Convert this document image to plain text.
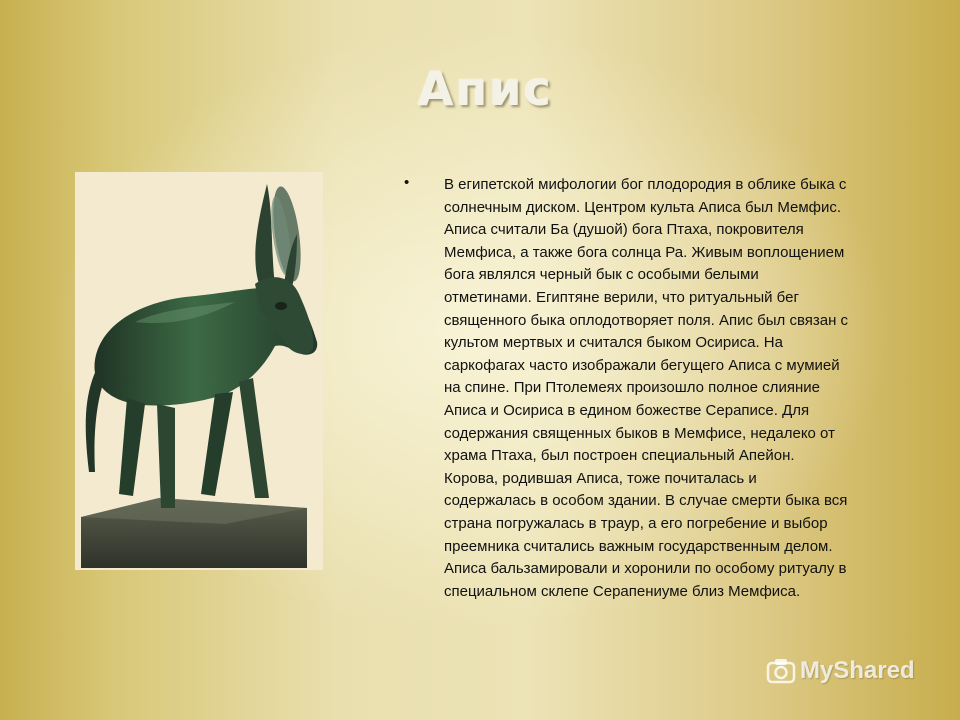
Апис
• В египетской мифологии бог плодородия в облике быка с
солнечным диском. Центром культа Аписа был Мемфис.
Аписа считали Ба (душой) бога Птаха, покровителя
Мемфиса, а также бога солнца Ра. Живым воплощением
бога являлся черный бык с особыми белыми
отметинами. Египтяне верили, что ритуальный бег
священного быка оплодотворяет поля. Апис был связан с
культом мертвых и считался быком Осириса. На
саркофагах часто изображали бегущего Аписа с мумией
на спине. При Птолемеях произошло полное слияние
Аписа и Осириса в едином божестве Сераписе. Для
содержания священных быков в Мемфисе, недалеко от
храма Птаха, был построен специальный Апейон.
Корова, родившая Аписа, тоже почиталась и
содержалась в особом здании. В случае смерти быка вся
страна погружалась в траур, а его погребение и выбор
преемника считались важным государственным делом.
Аписа бальзамировали и хоронили по особому ритуалу в
специальном склепе Серапениуме близ Мемфиса.
MyShared
